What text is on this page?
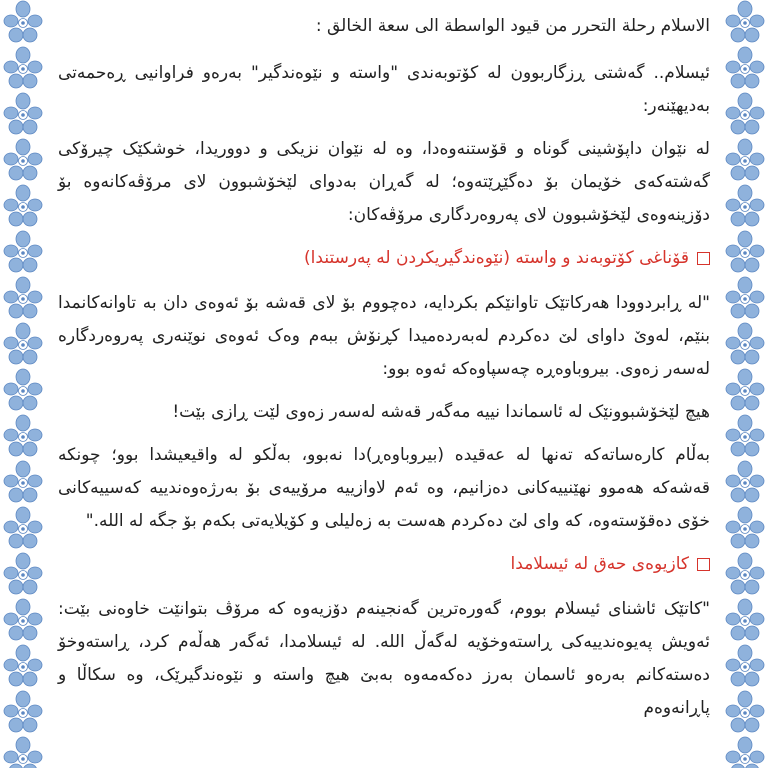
الاسلام رحلة التحرر من قيود الواسطة الى سعة الخالق :

ئیسلام.. گەشتی ڕزگاربوون لە کۆتوبەندی "واستە و نێوەندگیر" بەرەو فراوانیی ڕەحمەتی بەدیهێنەر:

لە نێوان داپۆشینی گوناه و قۆستنەوەدا، وە لە نێوان نزیکی و دووریدا، خوشکێک چیرۆکی گەشتەکەی خۆیمان بۆ دەگێڕێتەوە؛ لە گەڕان بەدوای لێخۆشبوون لای مرۆڤەکانەوە بۆ دۆزینەوەی لێخۆشبوون لای پەروەردگاری مرۆڤەکان:

قۆناغی کۆتوبەند و واستە (نێوەندگیریکردن لە پەرستندا)

"لە ڕابردوودا هەرکاتێک تاوانێکم بکردایە، دەچووم بۆ لای قەشە بۆ ئەوەی دان بە تاوانەکانمدا بنێم، لەوێ داوای لێ دەکردم لەبەردەمیدا کڕنۆش ببەم وەک ئەوەی نوێنەری پەروەردگارە لەسەر زەوی. بیروباوەڕە چەسپاوەکە ئەوە بوو:

هیچ لێخۆشبوونێک لە ئاسماندا نییە مەگەر قەشە لەسەر زەوی لێت ڕازی بێت!

بەڵام کارەساتەکە تەنها لە عەقیدە (بیروباوەڕ)دا نەبوو، بەڵکو لە واقیعیشدا بوو؛ چونکە قەشەکە هەموو نهێنییەکانی دەزانیم، وە ئەم لاوازییە مرۆییەی بۆ بەرژەوەندییە کەسییەکانی خۆی دەقۆستەوە، کە وای لێ دەکردم هەست بە زەلیلی و کۆیلایەتی بکەم بۆ جگە لە الله."

کازیوەی حەق لە ئیسلامدا

"کاتێک ئاشنای ئیسلام بووم، گەورەترین گەنجینەم دۆزیەوە کە مرۆڤ بتوانێت خاوەنی بێت: ئەویش پەیوەندییەکی ڕاستەوخۆیە لەگەڵ الله. لە ئیسلامدا، ئەگەر هەڵەم کرد، ڕاستەوخۆ دەستەکانم بەرەو ئاسمان بەرز دەکەمەوە بەبێ هیچ واستە و نێوەندگیرێک، وە سکاڵا و پاڕانەوەم
